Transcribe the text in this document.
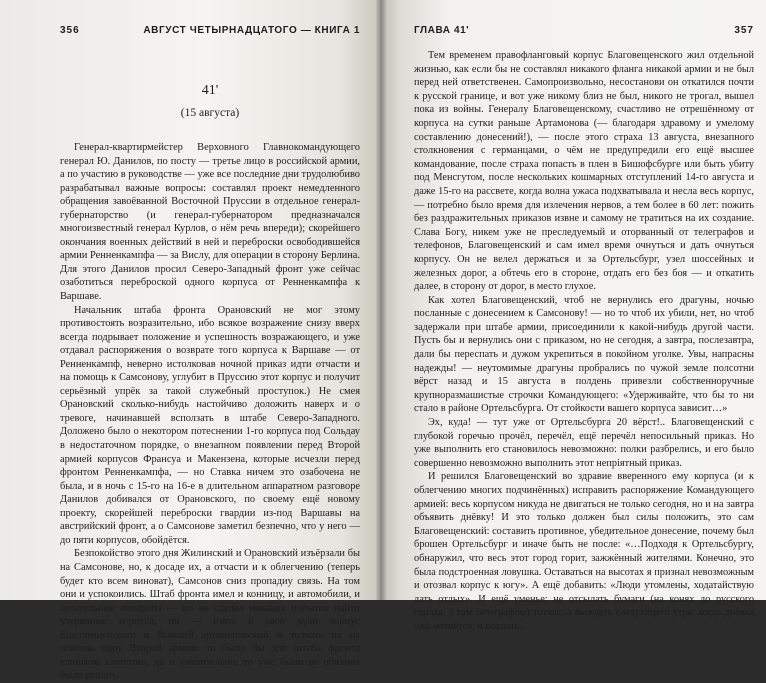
356	АВГУСТ ЧЕТЫРНАДЦАТОГО — КНИГА 1
41'
(15 августа)

Генерал-квартирмейстер Верховного Главнокомандующего генерал Ю. Данилов, по посту — третье лицо в российской армии, а по участию в руководстве — уже все последние дни трудолюбиво разрабатывал важные вопросы: составлял проект немедленного обращения завоёванной Восточной Пруссии в отдельное генерал-губернаторство (и генерал-губернатором предназначался многоизвестный генерал Курлов, о нём речь впереди); скорейшего окончания военных действий в ней и переброски освободившейся армии Ренненкампфа — за Вислу, для операции в сторону Берлина. Для этого Данилов просил Северо-Западный фронт уже сейчас озаботиться переброской одного корпуса от Ренненкампфа к Варшаве.

Начальник штаба фронта Орановский не мог этому противостоять возразительно, ибо всякое возражение снизу вверх всегда подрывает положение и успешность возражающего, и уже отдавал распоряжения о возврате того корпуса к Варшаве — от Ренненкампф, неверно истолковав ночной приказ идти отчасти и на помощь к Самсонову, углубит в Пруссию этот корпус и получит серьёзный упрёк за такой служебный проступок.) Не смея Орановский сколько-нибудь настойчиво доложить наверх и о тревоге, начинавшей всползать в штабе Северо-Западного. Доложено было о некотором потеснении 1-го корпуса под Сольдау в недостаточном порядке, о внезапном появлении перед Второй армией корпусов Франсуа и Макензена, которые исчезли перед фронтом Ренненкампфа, — но Ставка ничем это озабочена не была, и в ночь с 15-го на 16-е в длительном аппаратном разговоре Данилов добивался от Орановского, по своему ещё новому проекту, скорейшей переброски гвардии из-под Варшавы на австрийский фронт, а о Самсонове заметил безпечно, что у него — до пяти корпусов, обойдётся.

Безпокойство этого дня Жилинский и Орановский изъёрзали бы на Самсонове, но, к досаде их, а отчасти и к облегчению (теперь будет кто всем виноват), Самсонов сниз пропадиу связь. На том они и успокоились. Штаб фронта имел и конницу, и автомобили, и летательные аппараты — но не сделал никаких попыток найти утерянные корпуса, ни — взять в свои руки корпус Благовещенского и бывший артамоновский и толкать их на помощь ядру Второй армии: то было бы для штаба фронта слишком хлопотно, да и унизительно, то уже были не обязаны были решать.

ГЛАВА 41'	357

Тем временем правофланговый корпус Благовещенского жил отдельной жизнью, как если бы не составлял никакого фланга никакой армии и не был перед ней ответственен. Самопроизвольно, несостанови он откатился почти к русской границе, и вот уже никому близ не был, никого не трогал, вышел пока из войны. Генералу Благовещенскому, счастливо не отрешённому от корпуса на сутки раньше Артамонова (— благодаря здравому и умелому составлению донесений!), — после этого страха 13 августа, внезапного столкновения с германцами, о чём не предупредили его ещё высшее командование, после страха попасть в плен в Бишофсбурге или быть убиту под Менсгутом, после нескольких кошмарных отступлений 14-го августа и даже 15-го на рассвете, когда волна ужаса подхватывала и несла весь корпус, — потребно было время для излечения нервов, а тем более в 60 лет: пожить без раздражительных приказов извне и самому не тратиться на их создание. Слава Богу, никем уже не преследуемый и оторванный от телеграфов и телефонов, Благовещенский и сам имел время очнуться и дать очнуться корпусу. Он не велел держаться и за Ортельсбург, узел шоссейных и железных дорог, а обтечь его в стороне, отдать его без боя — и откатить далее, в сторону от дорог, в место глухое.

Как хотел Благовещенский, чтоб не вернулись его драгуны, ночью посланные с донесением к Самсонову! — но то чтоб их убили, нет, но чтоб задержали при штабе армии, присоединили к какой-нибудь другой части. Пусть бы и вернулись они с приказом, но не сегодня, а завтра, послезавтра, дали бы переспать и дужом укрепиться в покойном уголке. Увы, напрасны надежды! — неутомимые драгуны пробрались по чужой земле полсотни вёрст назад и 15 августа в полдень привезли собственноручные крупноразмашистые строчки Командующего: «Удерживайте, что бы то ни стало в районе Ортельсбурга. От стойкости вашего корпуса зависит…»

Эх, куда! — тут уже от Ортельсбурга 20 вёрст!.. Благовещенский с глубокой горечью прочёл, перечёл, ещё перечёл непосильный приказ. Но уже выполнить его становилось невозможно: полки разбрелись, и его было совершенно невозможно выполнить этот непріятный приказ.

И решился Благовещенский во здравие вверенного ему корпуса (и к облегчению многих подчинённых) исправить распоряжение Командующего армией: весь корпусом никуда не двигаться не только сегодня, но и на завтра объявить днёвку! И это только должен был силы положить, это сам Благовещенский: составить противное, убедительное донесение, почему был брошен Ортельсбург и иначе быть не после: «…Подходя к Ортельсбургу, обнаружил, что весь этот город горит, зажжённый жителями. Конечно, это была подстроенная ловушка. Оставаться на высотах я признал невозможным и отозвал корпус к югу». А ещё добавить: «Люди утомлены, ходатайствую дать отдых». И ещё уменье: не отсылать бумаги (на конях до русского города, а там телеграфом) тотчас, а выждать следующего утра, когда днёвка уже начнётся, и послать.
